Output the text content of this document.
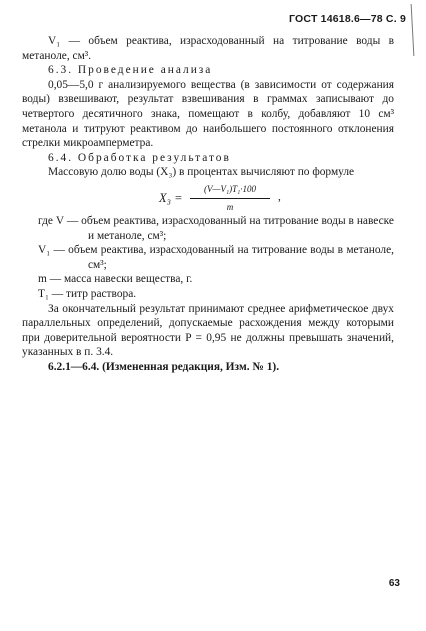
ГОСТ 14618.6—78 С. 9

V₁ — объем реактива, израсходованный на титрование воды в метаноле, см³.

6.3. Проведение анализа

0,05—5,0 г анализируемого вещества (в зависимости от содержания воды) взвешивают, результат взвешивания в граммах записывают до четвертого десятичного знака, помещают в колбу, добавляют 10 см³ метанола и титруют реактивом до наибольшего постоянного отклонения стрелки микроамперметра.

6.4. Обработка результатов

Массовую долю воды (X₃) в процентах вычисляют по формуле

$X_3 = \frac{\text{(V—V₁)T₁·100}}{m}$ ,

где V — объем реактива, израсходованный на титрование воды в навеске и метаноле, см³;

V₁ — объем реактива, израсходованный на титрование воды в метаноле, см³;

m — масса навески вещества, г.

T₁ — титр раствора.

За окончательный результат принимают среднее арифметическое двух параллельных определений, допускаемые расхождения между которыми при доверительной вероятности P = 0,95 не должны превышать значений, указанных в п. 3.4.

6.2.1—6.4. (Измененная редакция, Изм. № 1).

63
